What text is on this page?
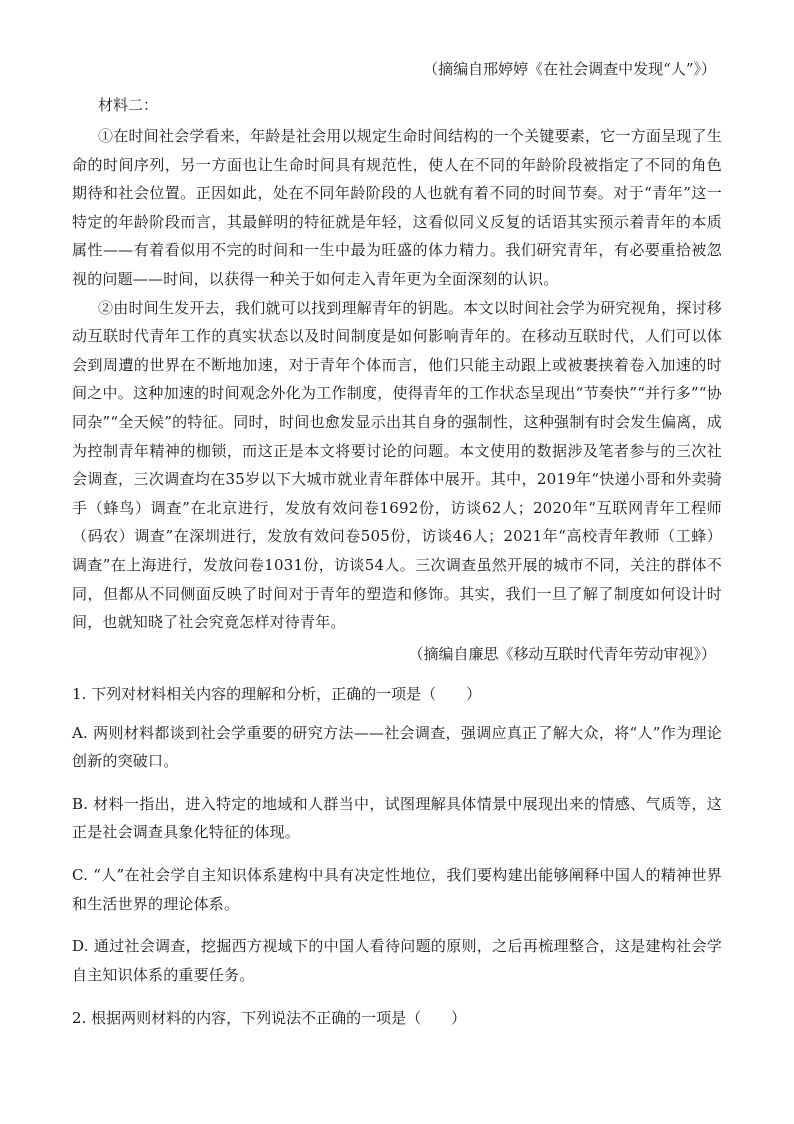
（摘编自邢婷婷《在社会调查中发现“人”》）

材料二：

①在时间社会学看来，年龄是社会用以规定生命时间结构的一个关键要素，它一方面呈现了生命的时间序列，另一方面也让生命时间具有规范性，使人在不同的年龄阶段被指定了不同的角色期待和社会位置。正因如此，处在不同年龄阶段的人也就有着不同的时间节奏。对于“青年”这一特定的年龄阶段而言，其最鲜明的特征就是年轻，这看似同义反复的话语其实预示着青年的本质属性——有着看似用不完的时间和一生中最为旺盛的体力精力。我们研究青年，有必要重拾被忽视的问题——时间，以获得一种关于如何走入青年更为全面深刻的认识。

②由时间生发开去，我们就可以找到理解青年的钥匙。本文以时间社会学为研究视角，探讨移动互联时代青年工作的真实状态以及时间制度是如何影响青年的。在移动互联时代，人们可以体会到周遭的世界在不断地加速，对于青年个体而言，他们只能主动跟上或被裹挟着卷入加速的时间之中。这种加速的时间观念外化为工作制度，使得青年的工作状态呈现出“节奏快”“并行多”“协同杂”“全天候”的特征。同时，时间也愈发显示出其自身的强制性，这种强制有时会发生偏离，成为控制青年精神的枷锁，而这正是本文将要讨论的问题。本文使用的数据涉及笔者参与的三次社会调查，三次调查均在35岁以下大城市就业青年群体中展开。其中，2019年“快递小哥和外卖骑手（蜂鸟）调查”在北京进行，发放有效问卷1692份，访谈62人；2020年“互联网青年工程师（码农）调查”在深圳进行，发放有效问卷505份，访谈46人；2021年“高校青年教师（工蜂）调查”在上海进行，发放问卷1031份，访谈54人。三次调查虽然开展的城市不同，关注的群体不同，但都从不同侧面反映了时间对于青年的塑造和修饰。其实，我们一旦了解了制度如何设计时间，也就知晓了社会究竟怎样对待青年。

（摘编自廉思《移动互联时代青年劳动审视》）

1. 下列对材料相关内容的理解和分析，正确的一项是（　　）

A. 两则材料都谈到社会学重要的研究方法——社会调查，强调应真正了解大众，将“人”作为理论创新的突破口。

B. 材料一指出，进入特定的地域和人群当中，试图理解具体情景中展现出来的情感、气质等，这正是社会调查具象化特征的体现。

C. “人”在社会学自主知识体系建构中具有决定性地位，我们要构建出能够阐释中国人的精神世界和生活世界的理论体系。

D. 通过社会调查，挖掘西方视域下的中国人看待问题的原则，之后再梳理整合，这是建构社会学自主知识体系的重要任务。

2. 根据两则材料的内容，下列说法不正确的一项是（　　）
